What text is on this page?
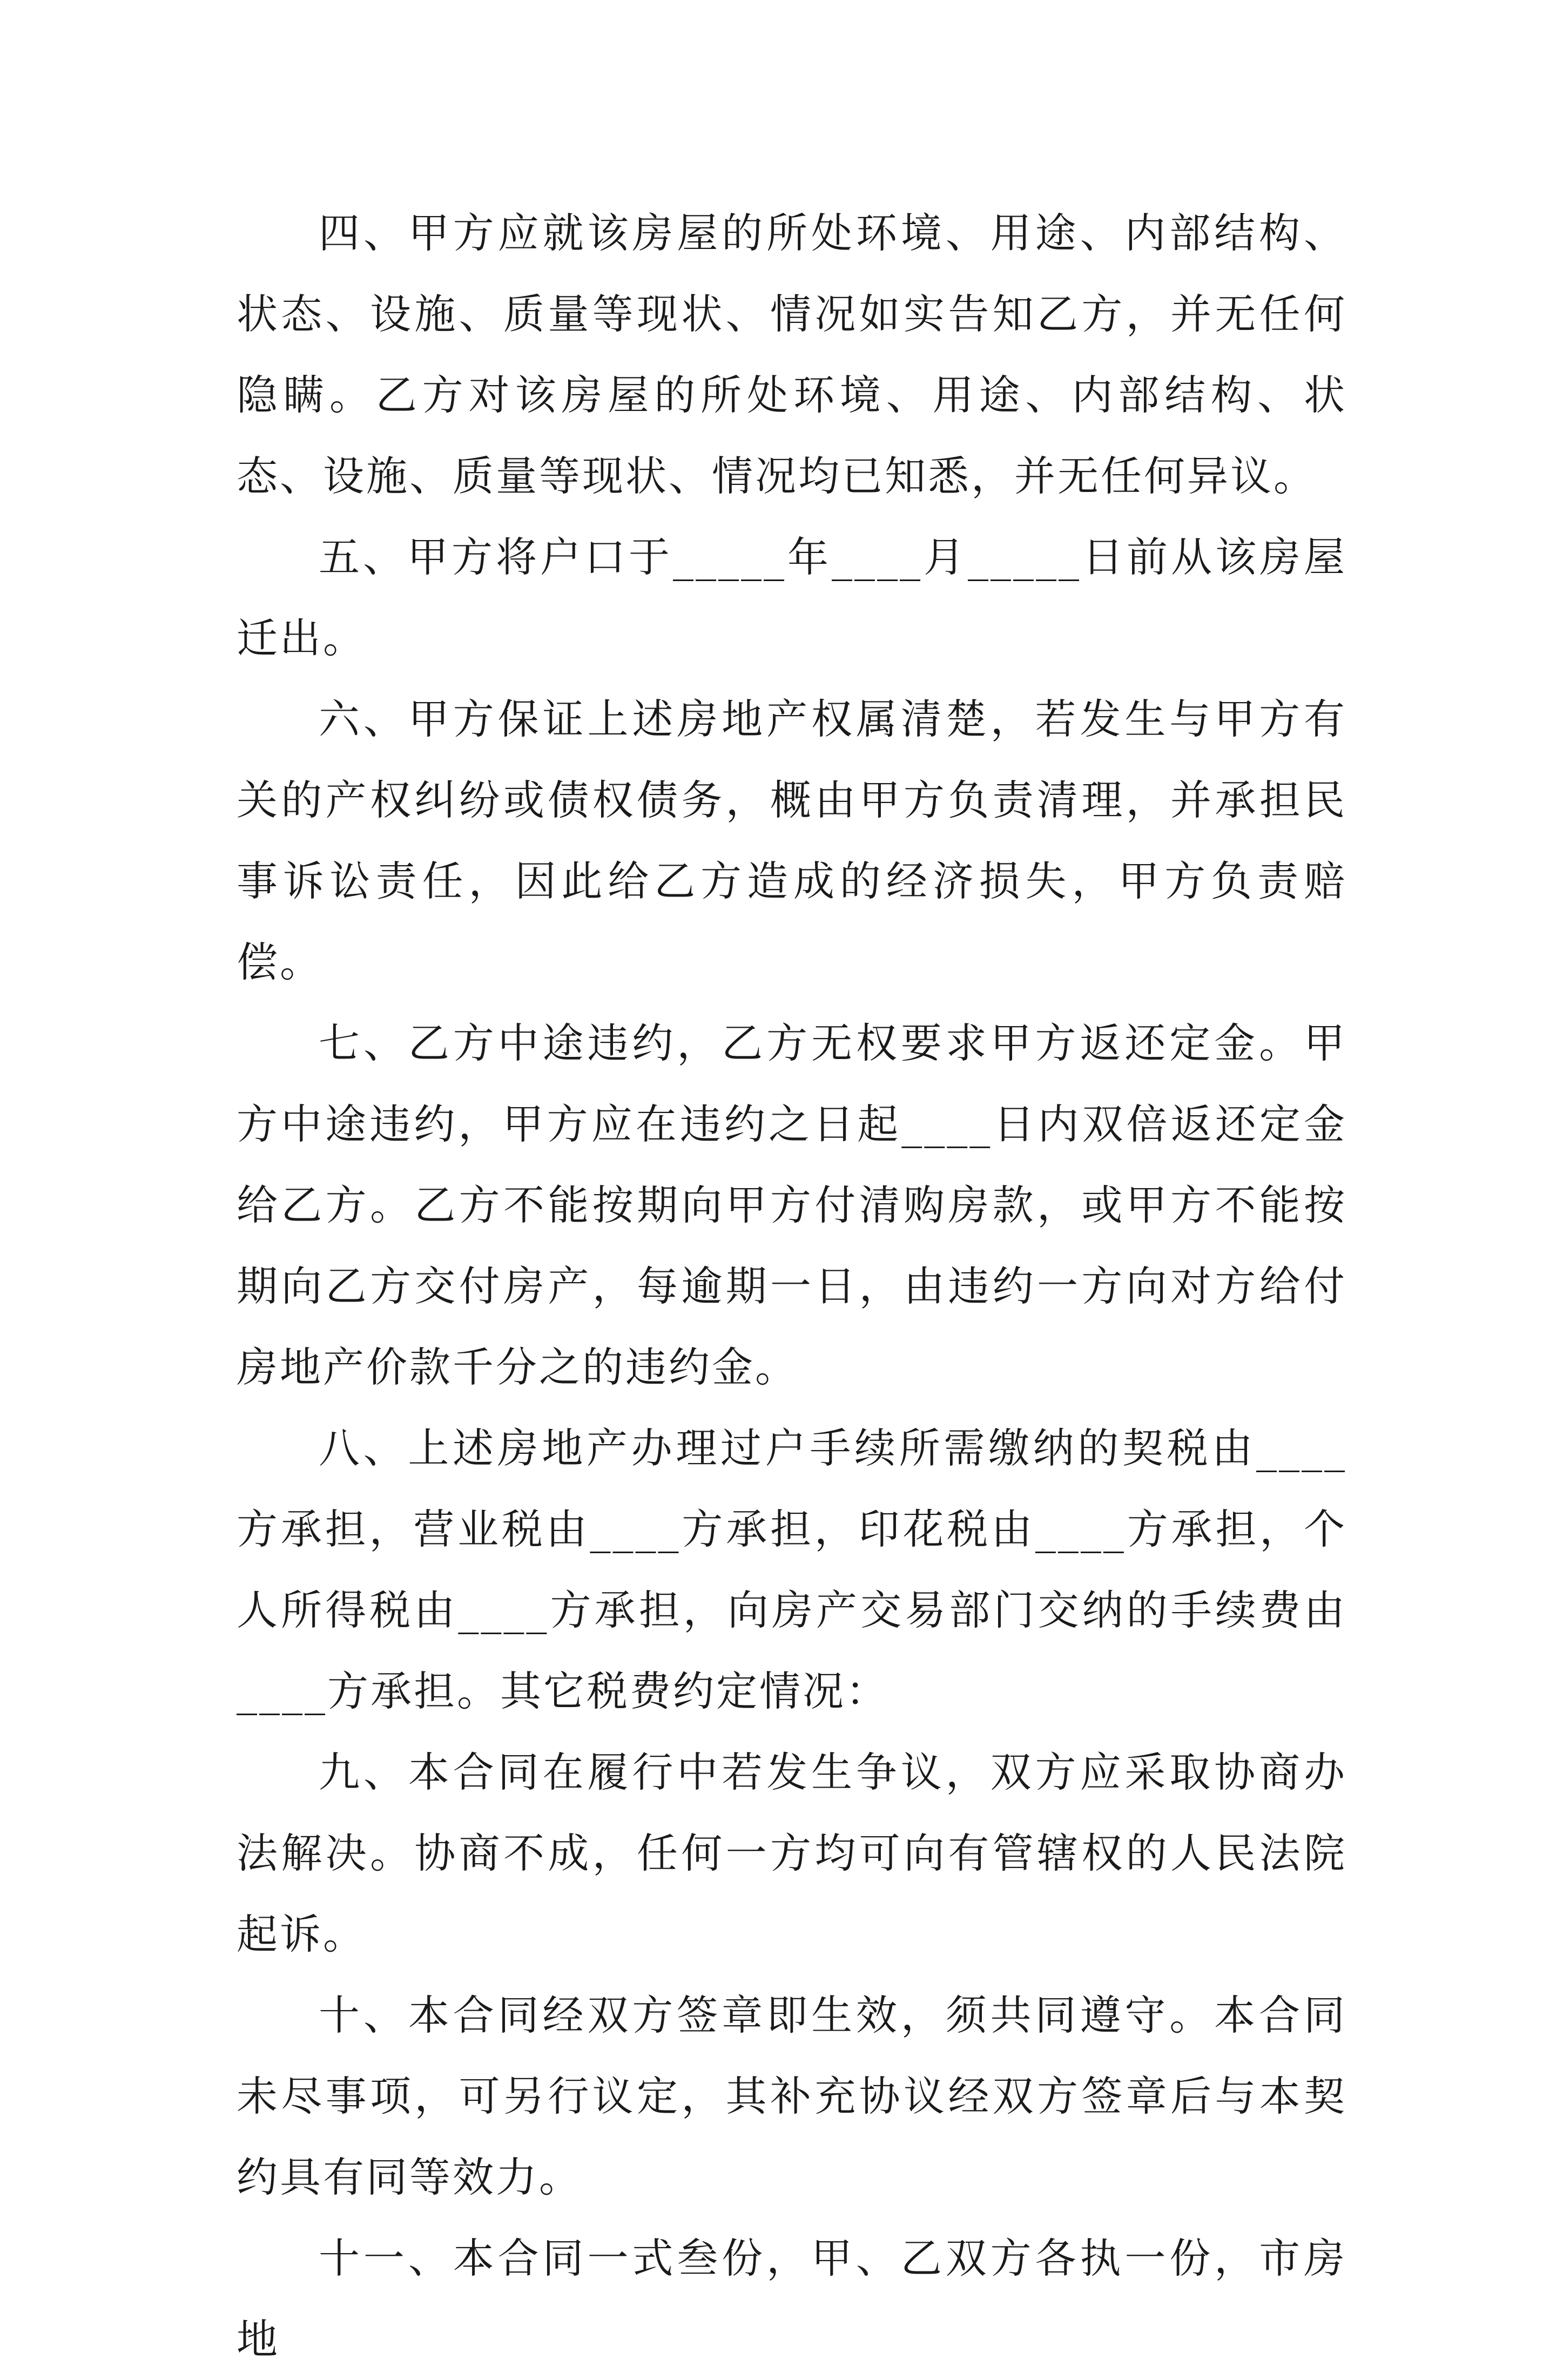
四、甲方应就该房屋的所处环境、用途、内部结构、状态、设施、质量等现状、情况如实告知乙方，并无任何隐瞒。乙方对该房屋的所处环境、用途、内部结构、状态、设施、质量等现状、情况均已知悉，并无任何异议。

五、甲方将户口于_____年____月_____日前从该房屋迁出。

六、甲方保证上述房地产权属清楚，若发生与甲方有关的产权纠纷或债权债务，概由甲方负责清理，并承担民事诉讼责任，因此给乙方造成的经济损失，甲方负责赔偿。

七、乙方中途违约，乙方无权要求甲方返还定金。甲方中途违约，甲方应在违约之日起____日内双倍返还定金给乙方。乙方不能按期向甲方付清购房款，或甲方不能按期向乙方交付房产，每逾期一日，由违约一方向对方给付房地产价款千分之的违约金。

八、上述房地产办理过户手续所需缴纳的契税由____方承担，营业税由____方承担，印花税由____方承担，个人所得税由____方承担，向房产交易部门交纳的手续费由____方承担。其它税费约定情况：

九、本合同在履行中若发生争议，双方应采取协商办法解决。协商不成，任何一方均可向有管辖权的人民法院起诉。

十、本合同经双方签章即生效，须共同遵守。本合同未尽事项，可另行议定，其补充协议经双方签章后与本契约具有同等效力。

十一、本合同一式叁份，甲、乙双方各执一份，市房地
